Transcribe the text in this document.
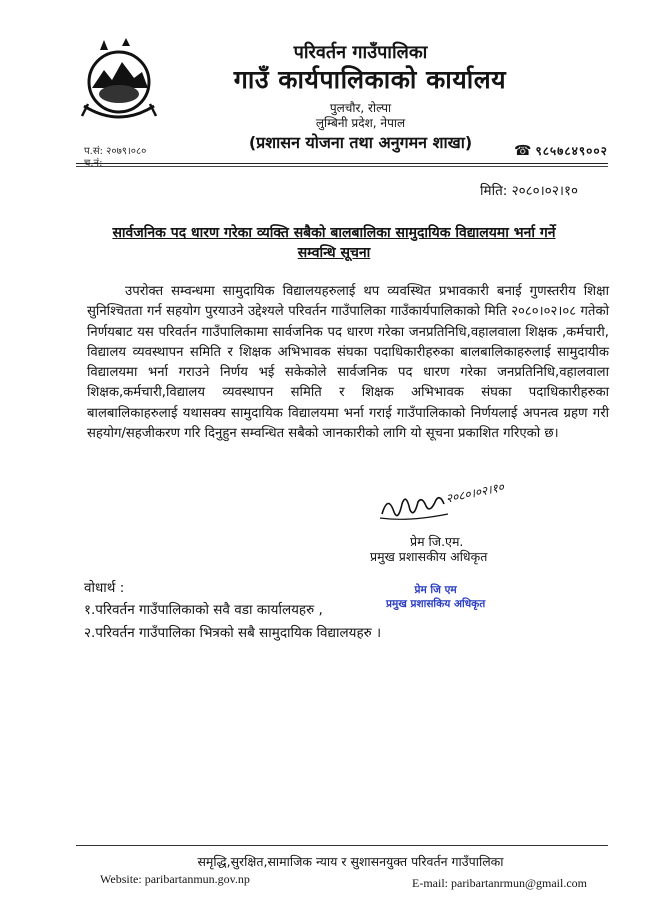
परिवर्तन गाउँपालिका
गाउँ कार्यपालिकाको कार्यालय
पुलचौर, रोल्पा
लुम्बिनी प्रदेश, नेपाल
(प्रशासन योजना तथा अनुगमन शाखा)
प.सं: २०७९।०८०
च.नं:
☎ ९८५७८४९००२
मिति: २०८०।०२।१०
सार्वजनिक पद धारण गरेका व्यक्ति सबैको बालबालिका सामुदायिक विद्यालयमा भर्ना गर्ने सम्वन्धि सूचना
उपरोक्त सम्वन्धमा सामुदायिक विद्यालयहरुलाई थप व्यवस्थित प्रभावकारी बनाई गुणस्तरीय शिक्षा सुनिश्चितता गर्न सहयोग पुरयाउने उद्देश्यले परिवर्तन गाउँपालिका गाउँकार्यपालिकाको मिति २०८०।०२।०८ गतेको निर्णयबाट यस परिवर्तन गाउँपालिकामा सार्वजनिक पद धारण गरेका जनप्रतिनिधि,वहालवाला शिक्षक ,कर्मचारी, विद्यालय व्यवस्थापन समिति र शिक्षक अभिभावक संघका पदाधिकारीहरुका बालबालिकाहरुलाई सामुदायीक विद्यालयमा भर्ना गराउने निर्णय भई सकेकोले सार्वजनिक पद धारण गरेका जनप्रतिनिधि,वहालवाला शिक्षक,कर्मचारी,विद्यालय व्यवस्थापन समिति र शिक्षक अभिभावक संघका पदाधिकारीहरुका बालबालिकाहरुलाई यथासक्य सामुदायिक विद्यालयमा भर्ना गराई गाउँपालिकाको निर्णयलाई अपनत्व ग्रहण गरी सहयोग/सहजीकरण गरि दिनुहुन सम्वन्धित सबैको जानकारीको लागि यो सूचना प्रकाशित गरिएको छ।
२०८०।०२।१०
प्रेम जि.एम.
प्रमुख प्रशासकीय अधिकृत
प्रेम जि एम
प्रमुख प्रशासकिय अधिकृत
वोधार्थ :
१.परिवर्तन गाउँपालिकाको सवै वडा कार्यालयहरु ,
२.परिवर्तन गाउँपालिका भित्रको सबै सामुदायिक विद्यालयहरु ।
समृद्धि,सुरक्षित,सामाजिक न्याय र सुशासनयुक्त परिवर्तन गाउँपालिका
Website: paribartanmun.gov.np	E-mail: paribartanrmun@gmail.com
